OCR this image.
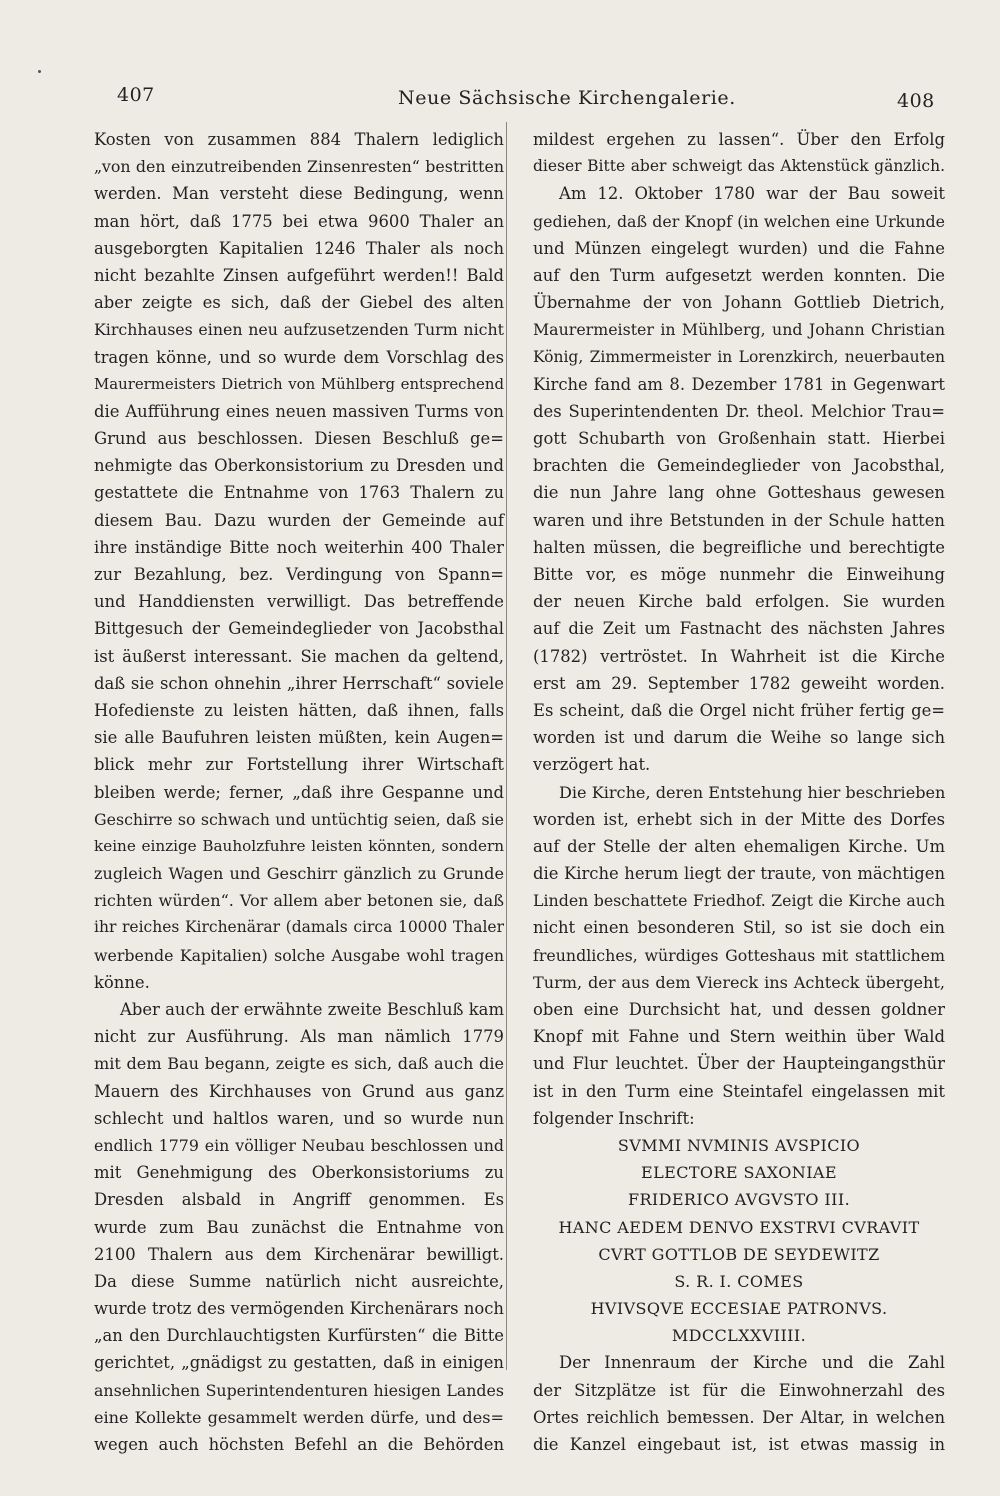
407	Neue Sächsische Kirchengalerie.	408
Kosten von zusammen 884 Thalern lediglich
„von den einzutreibenden Zinsenresten“ bestritten
werden. Man versteht diese Bedingung, wenn
man hört, daß 1775 bei etwa 9600 Thaler an
ausgeborgten Kapitalien 1246 Thaler als noch
nicht bezahlte Zinsen aufgeführt werden!! Bald
aber zeigte es sich, daß der Giebel des alten
Kirchhauses einen neu aufzusetzenden Turm nicht
tragen könne, und so wurde dem Vorschlag des
Maurermeisters Dietrich von Mühlberg entsprechend
die Aufführung eines neuen massiven Turms von
Grund aus beschlossen. Diesen Beschluß ge=
nehmigte das Oberkonsistorium zu Dresden und
gestattete die Entnahme von 1763 Thalern zu
diesem Bau. Dazu wurden der Gemeinde auf
ihre inständige Bitte noch weiterhin 400 Thaler
zur Bezahlung, bez. Verdingung von Spann=
und Handdiensten verwilligt. Das betreffende
Bittgesuch der Gemeindeglieder von Jacobsthal
ist äußerst interessant. Sie machen da geltend,
daß sie schon ohnehin „ihrer Herrschaft“ soviele
Hofedienste zu leisten hätten, daß ihnen, falls
sie alle Baufuhren leisten müßten, kein Augen=
blick mehr zur Fortstellung ihrer Wirtschaft
bleiben werde; ferner, „daß ihre Gespanne und
Geschirre so schwach und untüchtig seien, daß sie
keine einzige Bauholzfuhre leisten könnten, sondern
zugleich Wagen und Geschirr gänzlich zu Grunde
richten würden“. Vor allem aber betonen sie, daß
ihr reiches Kirchenärar (damals circa 10000 Thaler
werbende Kapitalien) solche Ausgabe wohl tragen
könne.
Aber auch der erwähnte zweite Beschluß kam
nicht zur Ausführung. Als man nämlich 1779
mit dem Bau begann, zeigte es sich, daß auch die
Mauern des Kirchhauses von Grund aus ganz
schlecht und haltlos waren, und so wurde nun
endlich 1779 ein völliger Neubau beschlossen und
mit Genehmigung des Oberkonsistoriums zu
Dresden alsbald in Angriff genommen. Es
wurde zum Bau zunächst die Entnahme von
2100 Thalern aus dem Kirchenärar bewilligt.
Da diese Summe natürlich nicht ausreichte,
wurde trotz des vermögenden Kirchenärars noch
„an den Durchlauchtigsten Kurfürsten“ die Bitte
gerichtet, „gnädigst zu gestatten, daß in einigen
ansehnlichen Superintendenturen hiesigen Landes
eine Kollekte gesammelt werden dürfe, und des=
wegen auch höchsten Befehl an die Behörden
mildest ergehen zu lassen“. Über den Erfolg
dieser Bitte aber schweigt das Aktenstück gänzlich.
Am 12. Oktober 1780 war der Bau soweit
gediehen, daß der Knopf (in welchen eine Urkunde
und Münzen eingelegt wurden) und die Fahne
auf den Turm aufgesetzt werden konnten. Die
Übernahme der von Johann Gottlieb Dietrich,
Maurermeister in Mühlberg, und Johann Christian
König, Zimmermeister in Lorenzkirch, neuerbauten
Kirche fand am 8. Dezember 1781 in Gegenwart
des Superintendenten Dr. theol. Melchior Trau=
gott Schubarth von Großenhain statt. Hierbei
brachten die Gemeindeglieder von Jacobsthal,
die nun Jahre lang ohne Gotteshaus gewesen
waren und ihre Betstunden in der Schule hatten
halten müssen, die begreifliche und berechtigte
Bitte vor, es möge nunmehr die Einweihung
der neuen Kirche bald erfolgen. Sie wurden
auf die Zeit um Fastnacht des nächsten Jahres
(1782) vertröstet. In Wahrheit ist die Kirche
erst am 29. September 1782 geweiht worden.
Es scheint, daß die Orgel nicht früher fertig ge=
worden ist und darum die Weihe so lange sich
verzögert hat.
Die Kirche, deren Entstehung hier beschrieben
worden ist, erhebt sich in der Mitte des Dorfes
auf der Stelle der alten ehemaligen Kirche. Um
die Kirche herum liegt der traute, von mächtigen
Linden beschattete Friedhof. Zeigt die Kirche auch
nicht einen besonderen Stil, so ist sie doch ein
freundliches, würdiges Gotteshaus mit stattlichem
Turm, der aus dem Viereck ins Achteck übergeht,
oben eine Durchsicht hat, und dessen goldner
Knopf mit Fahne und Stern weithin über Wald
und Flur leuchtet. Über der Haupteingangsthür
ist in den Turm eine Steintafel eingelassen mit
folgender Inschrift:
SVMMI NVMINIS AVSPICIO
ELECTORE SAXONIAE
FRIDERICO AVGVSTO III.
HANC AEDEM DENVO EXSTRVI CVRAVIT
CVRT GOTTLOB DE SEYDEWITZ
S. R. I. COMES
HVIVSQVE ECCESIAE PATRONVS.
MDCCLXXVIIII.
Der Innenraum der Kirche und die Zahl
der Sitzplätze ist für die Einwohnerzahl des
Ortes reichlich bemessen. Der Altar, in welchen
die Kanzel eingebaut ist, ist etwas massig in
